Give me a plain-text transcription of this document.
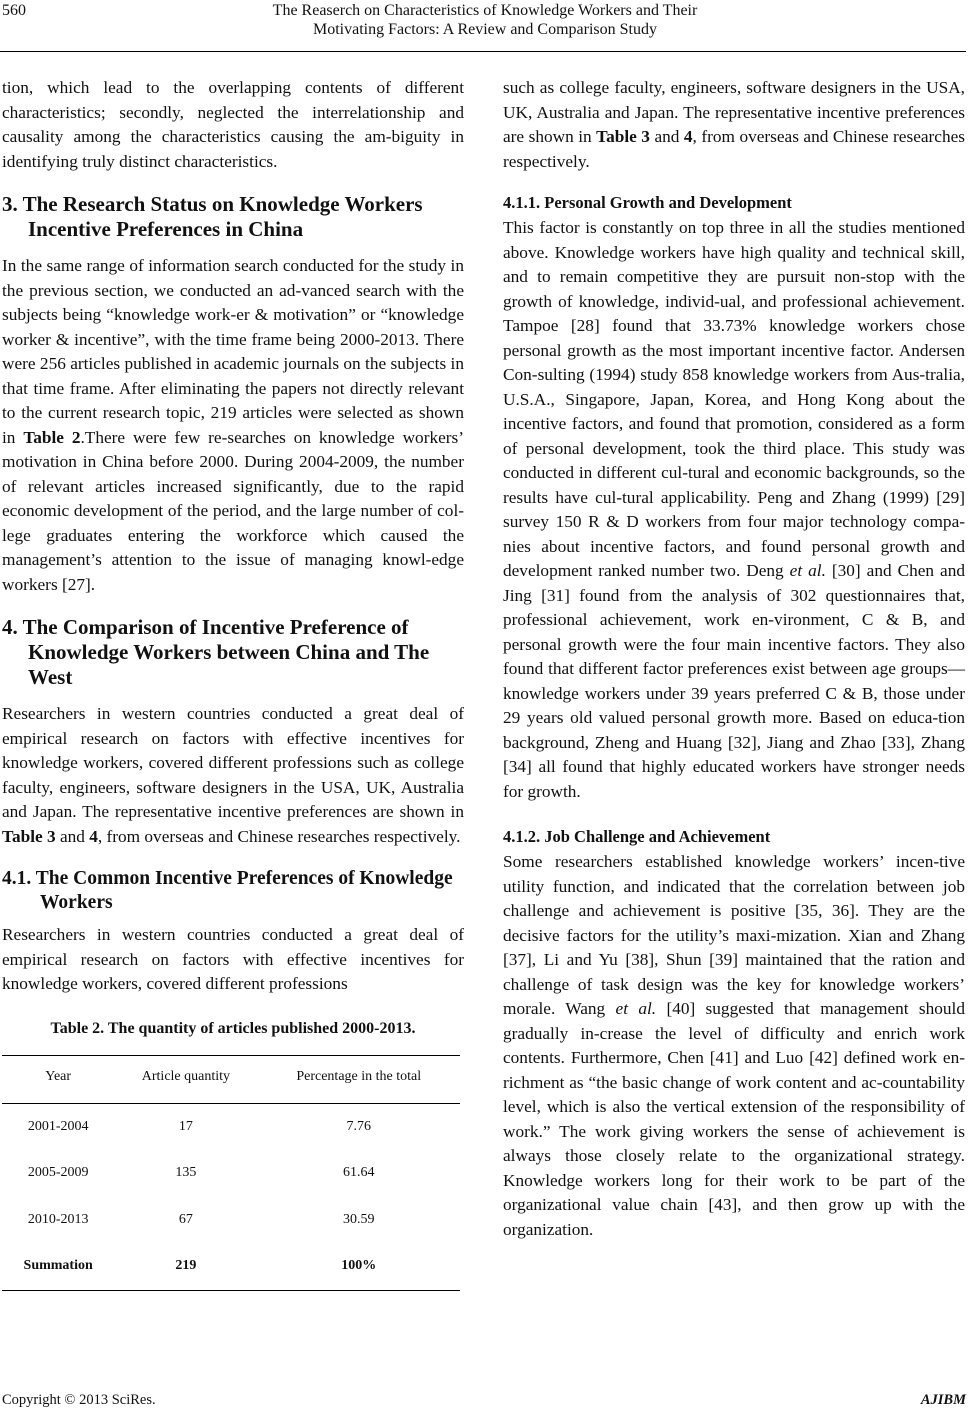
560	The Reaserch on Characteristics of Knowledge Workers and Their
Motivating Factors: A Review and Comparison Study

tion, which lead to the overlapping contents of different characteristics; secondly, neglected the interrelationship and causality among the characteristics causing the am-biguity in identifying truly distinct characteristics.

3. The Research Status on Knowledge Workers Incentive Preferences in China

In the same range of information search conducted for the study in the previous section, we conducted an ad-vanced search with the subjects being “knowledge work-er & motivation” or “knowledge worker & incentive”, with the time frame being 2000-2013. There were 256 articles published in academic journals on the subjects in that time frame. After eliminating the papers not directly relevant to the current research topic, 219 articles were selected as shown in Table 2.There were few re-searches on knowledge workers’ motivation in China before 2000. During 2004-2009, the number of relevant articles increased significantly, due to the rapid economic development of the period, and the large number of col-lege graduates entering the workforce which caused the management’s attention to the issue of managing knowl-edge workers [27].

4. The Comparison of Incentive Preference of Knowledge Workers between China and The West

Researchers in western countries conducted a great deal of empirical research on factors with effective incentives for knowledge workers, covered different professions such as college faculty, engineers, software designers in the USA, UK, Australia and Japan. The representative incentive preferences are shown in Table 3 and 4, from overseas and Chinese researches respectively.

4.1. The Common Incentive Preferences of Knowledge Workers

Researchers in western countries conducted a great deal of empirical research on factors with effective incentives for knowledge workers, covered different professions

Table 2. The quantity of articles published 2000-2013.
Year	Article quantity	Percentage in the total
2001-2004	17	7.76
2005-2009	135	61.64
2010-2013	67	30.59
Summation	219	100%

such as college faculty, engineers, software designers in the USA, UK, Australia and Japan. The representative incentive preferences are shown in Table 3 and 4, from overseas and Chinese researches respectively.

4.1.1. Personal Growth and Development

This factor is constantly on top three in all the studies mentioned above. Knowledge workers have high quality and technical skill, and to remain competitive they are pursuit non-stop with the growth of knowledge, individ-ual, and professional achievement. Tampoe [28] found that 33.73% knowledge workers chose personal growth as the most important incentive factor. Andersen Con-sulting (1994) study 858 knowledge workers from Aus-tralia, U.S.A., Singapore, Japan, Korea, and Hong Kong about the incentive factors, and found that promotion, considered as a form of personal development, took the third place. This study was conducted in different cul-tural and economic backgrounds, so the results have cul-tural applicability. Peng and Zhang (1999) [29] survey 150 R & D workers from four major technology compa-nies about incentive factors, and found personal growth and development ranked number two. Deng et al. [30] and Chen and Jing [31] found from the analysis of 302 questionnaires that, professional achievement, work en-vironment, C & B, and personal growth were the four main incentive factors. They also found that different factor preferences exist between age groups—knowledge workers under 39 years preferred C & B, those under 29 years old valued personal growth more. Based on educa-tion background, Zheng and Huang [32], Jiang and Zhao [33], Zhang [34] all found that highly educated workers have stronger needs for growth.

4.1.2. Job Challenge and Achievement

Some researchers established knowledge workers’ incen-tive utility function, and indicated that the correlation between job challenge and achievement is positive [35, 36]. They are the decisive factors for the utility’s maxi-mization. Xian and Zhang [37], Li and Yu [38], Shun [39] maintained that the ration and challenge of task design was the key for knowledge workers’ morale. Wang et al. [40] suggested that management should gradually in-crease the level of difficulty and enrich work contents. Furthermore, Chen [41] and Luo [42] defined work en-richment as “the basic change of work content and ac-countability level, which is also the vertical extension of the responsibility of work.” The work giving workers the sense of achievement is always those closely relate to the organizational strategy. Knowledge workers long for their work to be part of the organizational value chain [43], and then grow up with the organization.

Copyright © 2013 SciRes.	AJIBM
